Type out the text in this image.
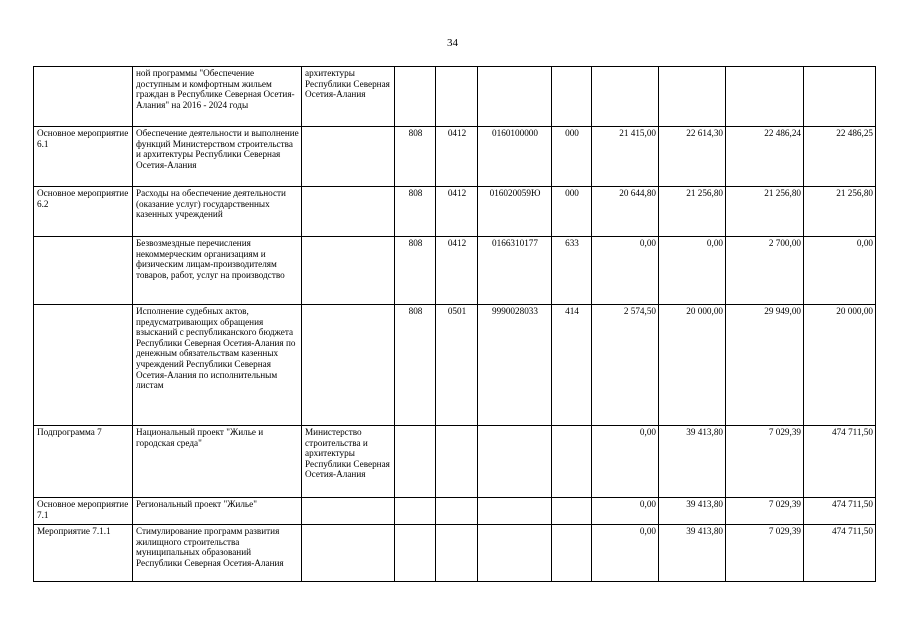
34
	ной программы "Обеспечение доступным и комфортным жильем граждан в Республике Северная Осетия-Алания" на 2016 - 2024 годы	архитектуры Республики Северная Осетия-Алания								
Основное мероприятие 6.1	Обеспечение деятельности и выполнение функций Министерством строительства и архитектуры Республики Северная Осетия-Алания		808	0412	0160100000	000	21 415,00	22 614,30	22 486,24	22 486,25
Основное мероприятие 6.2	Расходы на обеспечение деятельности (оказание услуг) государственных казенных учреждений		808	0412	016020059Ю	000	20 644,80	21 256,80	21 256,80	21 256,80
	Безвозмездные перечисления некоммерческим организациям и физическим лицам-производителям товаров, работ, услуг на производство		808	0412	0166310177	633	0,00	0,00	2 700,00	0,00
	Исполнение судебных актов, предусматривающих обращения взысканий с республиканского бюджета Республики Северная Осетия-Алания по денежным обязательствам казенных учреждений Республики Северная Осетия-Алания по исполнительным листам		808	0501	9990028033	414	2 574,50	20 000,00	29 949,00	20 000,00
Подпрограмма 7	Национальный проект "Жилье и городская среда"	Министерство строительства и архитектуры Республики Северная Осетия-Алания					0,00	39 413,80	7 029,39	474 711,50
Основное мероприятие 7.1	Региональный проект "Жилье"						0,00	39 413,80	7 029,39	474 711,50
Мероприятие 7.1.1	Стимулирование программ развития жилищного строительства муниципальных образований Республики Северная Осетия-Алания						0,00	39 413,80	7 029,39	474 711,50
